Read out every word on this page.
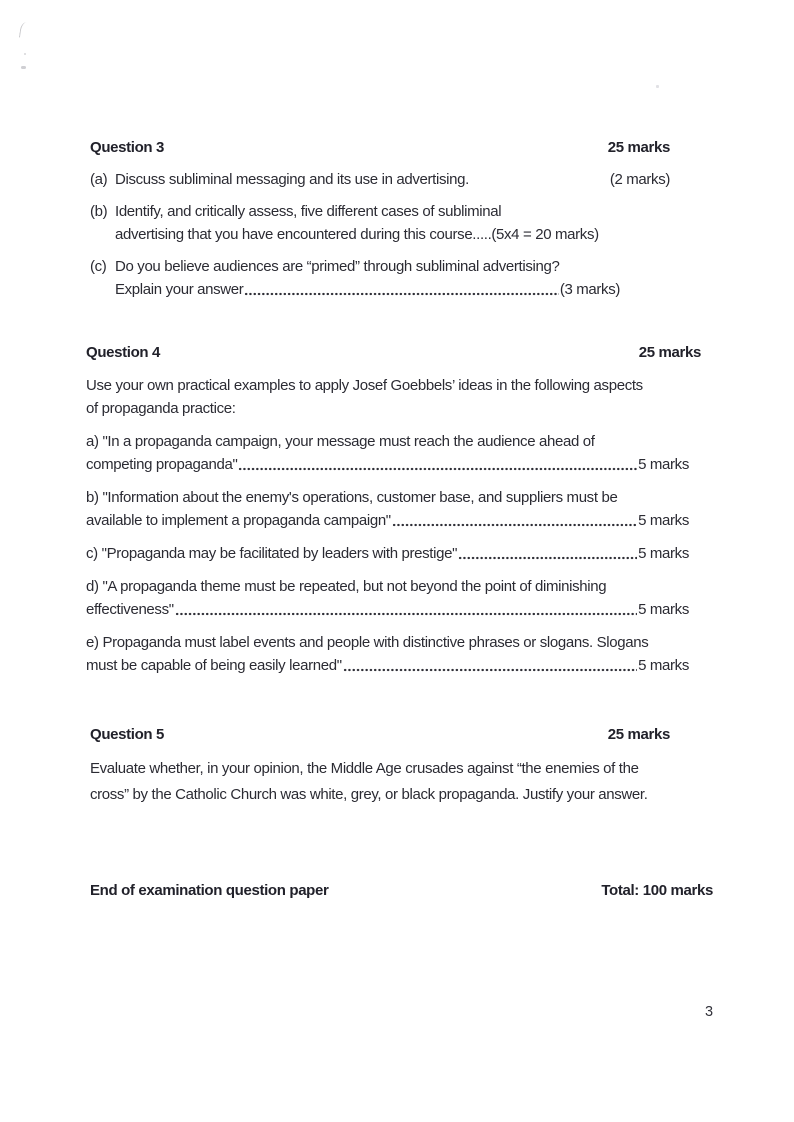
Question 3	25 marks
(a) Discuss subliminal messaging and its use in advertising.	(2 marks)
(b) Identify, and critically assess, five different cases of subliminal
advertising that you have encountered during this course.....(5x4 = 20 marks)
(c) Do you believe audiences are “primed” through subliminal advertising?
Explain your answer	(3 marks)
Question 4	25 marks
Use your own practical examples to apply Josef Goebbels’ ideas in the following aspects
of propaganda practice:
a) "In a propaganda campaign, your message must reach the audience ahead of
competing propaganda"	5 marks
b) "Information about the enemy's operations, customer base, and suppliers must be
available to implement a propaganda campaign"	5 marks
c) "Propaganda may be facilitated by leaders with prestige"	5 marks
d) "A propaganda theme must be repeated, but not beyond the point of diminishing
effectiveness"	5 marks
e) Propaganda must label events and people with distinctive phrases or slogans. Slogans
must be capable of being easily learned"	5 marks
Question 5	25 marks
Evaluate whether, in your opinion, the Middle Age crusades against “the enemies of the
cross” by the Catholic Church was white, grey, or black propaganda. Justify your answer.
End of examination question paper	Total: 100 marks
3
